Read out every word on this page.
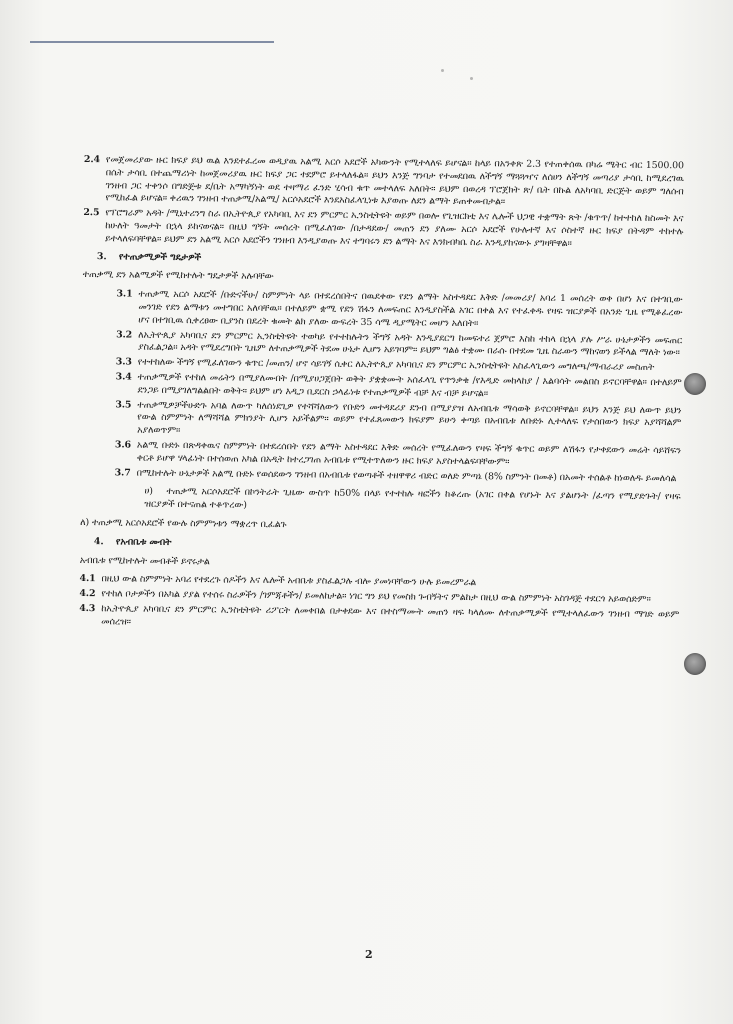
2.4 የመጀመሪያው ዙር ክፍያ ይህ ዉል እንደተፈረመ ወዲያዉ አልሚ አርሶ አደሮች አካውንት የሚተላለፍ ይሆናል፡፡ ከላይ በአንቀጽ 2.3 የተጠቀሰዉ በካሬ ሜትር ብር 1500.00 በሴት ታሳቢ በተጨማሪነት ከመጀመሪያዉ ዙር ክፍያ ጋር ተደምሮ ይተላለፋል፡፡ ይህን እንጅ ግንባታ የተመደበዉ ለችግኝ ማጓጓዣና ለሰሀን ለችግኝ መጣሪያ ታሳቢ ከሚደረገዉ ገንዘብ ጋር ተቀንሶ በግድጅቱ ደ/ቤት አማካኝነት ወደ ተዛማሪ ፈንድ ሂሳብ ቁጥ መተላለፍ አለበት፡፡ ይህም በወረዳ ፕሮጀክት ጽ/ ቤት በኩል ለአካባቢ ድርጅት ወይም ግለሰብ የሚከፈል ይሆናል፡፡ ቀሪዉን ገንዘብ ተጠቃሚ/አልሚ/ አርሶአደሮች እንደአስፈላጊነቱ እያወጡ ለደን ልማት ይጠቀሙበታል፡፡
2.5 የፕሮግራም አዳት /ሚኒተሪንግ ስራ በኢትዮጲያ የአካባቢ እና ደን ምርምር ኢንስቲትዩት ወይም በወሎ የጊዝርክቲ እና ሌሎች ህጋዊ ተቋማት ጽት /ቁጥጥ/ ከተተከለ ከስመት እና ከሁለት ዓመታት በኋላ ይከናወናል፡፡ በዚህ ግኝት መሰረት በሚፈለገው /በታዳደው/ መጠን ደን ያለሙ አርሶ አደሮች የሁሉተኛ እና ሶስተኛ ዙር ክፍያ በትዳም ተከተሉ ይተላለፍባቸዋል፡፡ ይህም ደን አልሚ አርሶ አደሮችን ገንዘብ እንዲያወጡ እና ተግባሩን ደን ልማት እና እንክብካቤ ስራ እንዲያከናውኑ ያግዛቸዋል፡፡
3. የተጠቃሚዎች ግዴታዎች
ተጠቃሚ ደን አልሚዎች የሚከተሉት ግዴታዎች አሉባቸው
3.1 ተጠቃሚ አርሶ አደሮች /ቡድናችሁ/ ስምምነት ላይ በተደረሰበትና በዉደቀው የደን ልማት አስተዳደር እቅድ /መመሪያ/ አባሪ 1 መሰረት ወቀ በሆነ እና በተገቢው መንገድ የደን ልማቱን መተግበር አለባቸዉ፡፡ በተለይም ቋሚ የደን ሽፋን ለመፍጠር እንዲያስችል አገር በቀል እና የተፈቀዱ የዛፍ ዝርያዎች በአንድ ጊዜ የሚቆፈረው ሆና በተገቢዉ ሲቀረፀው ቢያንስ በደረት ቁመት ልክ ያለው ውፍረት 35 ሳሜ ዲያሜትር መሆን አለበት፡፡
3.2 ለኢትዮጲያ አካባቢና ደን ምርምር ኢንስቲትዩት ተወካይ የተተከሉትን ችግኝ አዳት እንዲያደርግ ከመፍተሪ ጀምሮ እስከ ተከላ በኋላ ያሉ ሥራ ሁኔታዎችን መፍጠር ያስፈልጋል፡፡ አዳት የሚደረግበት ጊዜም ለተጠቃሚዎች ትደመ ሁኔታ ሊሆን አይገባም፡፡ ይህም ግልፅ ተቋሙ በራሱ በተደመ ጊዜ ስራውን ማከናወን ይችላል ማለት ነው፡፡
3.3 የተተከለው ችግኝ የሚፈለገውን ቁጥር /መጠን/ ሆኖ ሳይገኝ ሲቀር ለኢትዮጲያ አካባቢና ደን ምርምር ኢንስቲትዩት አስፈላጊውን መግለጫ/ማብራሪያ መስጠት
3.4 ተጠቃሚዎች የተከለ መሬትን በሚያለሙበት /በሚያሀጋጀበት ወቅት ያቋቋሙት አሰፈላጊ የጥንቃቄ /የእዲድ መከላከያ / እልባሳት መልበስ ይኖርባቸዋል፡፡ በተለይም ደንጋይ በሚያገለግልልበት ወቅት፡፡ ይህም ሆነ እዲጋ ቢደርስ ኃላፊነቱ የተጠቃሚዎች ብቻ እና ብቻ ይሆናል፡፡
3.5 ተጠቃሚዎቻችሁድጉ አባል ለውጥ ካለሰነደጊዎ የተሻሻለውን የቡድን መተዳደሪያ ደንብ በሚያያዝ ለአብቤቱ ማሳወቅ ይኖርባቸዋል፡፡ ይህን እንጅ ይህ ለውጥ ይህን የውል ስምምነት ለማሻሻል ምክንያት ሊሆን አይችልም፡፡ ወይም የተፈጸመውን ክፍያም ይሁን ቀጣይ በአብቤቱ ለቡድኑ ሊተላለፍ የታሰበውን ክፍያ አያሻሻልም አያለወጥም፡፡
3.6 አልሚ ቡድኑ በጽዳቀዉና ስምምነት በተደረሰበት የደን ልማት አስተዳደር እቅድ መሰረት የሚፈለውን የዛፍ ችግኝ ቁጥር ወይም ለሽፋን የታቀደውን መሬት ሳይሸፍን ቀርቶ ይሆዋ ሃላፊነት በተሰወጠ አካል በአዲት ከተረጋገጠ አብቤቱ የሚተጥለውን ዙር ክፍያ አያስተላልፍባቸውም፡፡
3.7 በሚከተሉት ሁኔታዎች አልሚ ቡድኑ የወሰደውን ገንዘብ በአብቤቱ የወጣቶች ተዘዋዋሪ ብድር ወለድ ምጣኔ (8% ስምንት በመቶ) በአመት ተሰልቶ ከነወለዱ ይመለሳል
ሀ) ተጠቃሚ አርሶአደሮች በኮንትራት ጊዜው ውስጥ ከ50% በላይ የተተከሉ ዛፎችን ከቆረጡ (አገር በቀል የሆኑት እና ያልሆኑት /ፈጣን የሚያድጉት/ የዛፍ ዝርያዎች በተናጠል ተቆጥረው)
ለ) ተጠቃሚ አርሶአደሮች የውሉ ስምምነቱን ማቋረጥ ቢፈልጉ
4. የአብቤቱ መብት
አብቤቱ የሚከተሉት መብቶች ይኖሩታል
4.1 በዚህ ውል ስምምነት አባሪ የተደረጉ ሰዶችን እና ሌሎች አብቤቱ ያስፈልጋሉ ብሎ ያመነባቸውን ሁሉ ይመረምራል
4.2 የተከለ ቦታዎችን በአካል ያያል የተሰሩ ስራዎችን /ገምጃቶችን/ ይመለከታል፡፡ ነገር ግን ይህ የመስክ ጉብኝትና ምልከታ በዚህ ውል ስምምነት አስገዳጅ ተደርጎ አይወሰድም፡፡
4.3 ከኢትዮጲያ አካባቢና ደን ምርምር ኢንስቲትዩት ሪፖርት ለመቀበል በታቀደው እና በተስማሙት መጠን ዛፍ ካላለሙ ለተጠቃሚዎች የሚተላለፈውን ገንዘብ ማገድ ወይም መሰረዝ፡፡
2
